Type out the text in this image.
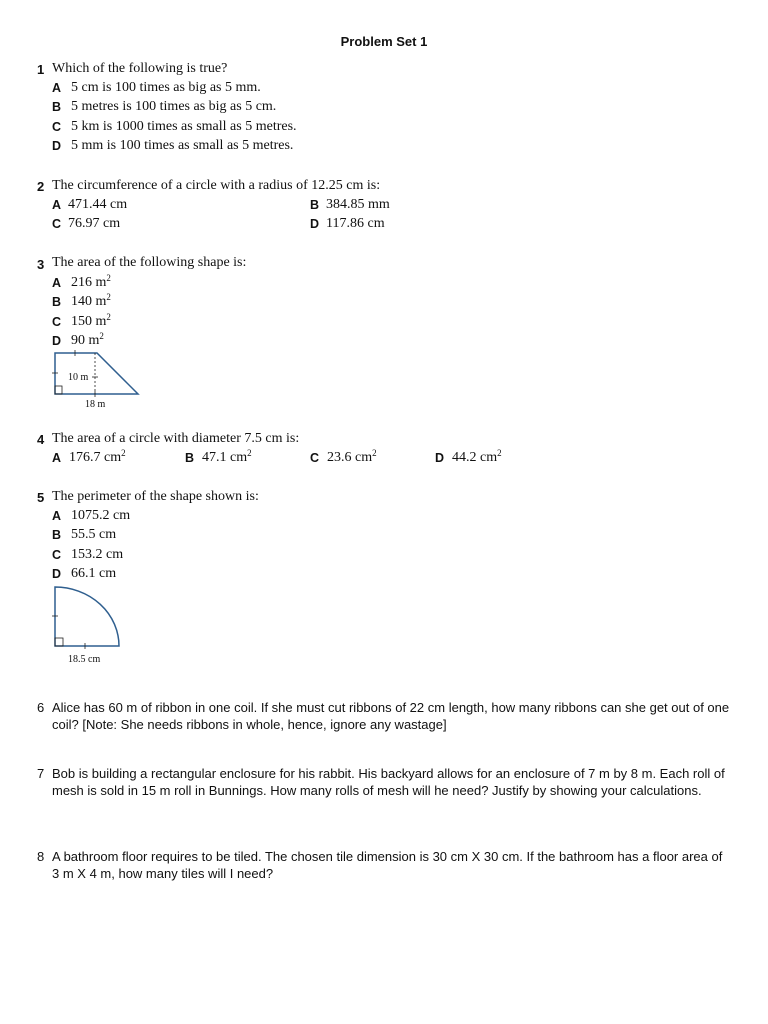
Problem Set 1
1 Which of the following is true?
A 5 cm is 100 times as big as 5 mm.
B 5 metres is 100 times as big as 5 cm.
C 5 km is 1000 times as small as 5 metres.
D 5 mm is 100 times as small as 5 metres.
2 The circumference of a circle with a radius of 12.25 cm is:
A 471.44 cm	B 384.85 mm
C 76.97 cm	D 117.86 cm
3 The area of the following shape is:
A 216 $m^2$
B 140 $m^2$
C 150 $m^2$
D 90 $m^2$
10 m
18 m
4 The area of a circle with diameter 7.5 cm is:
A 176.7 $cm^2$	B 47.1 $cm^2$	C 23.6 $cm^2$	D 44.2 $cm^2$
5 The perimeter of the shape shown is:
A 1075.2 cm
B 55.5 cm
C 153.2 cm
D 66.1 cm
18.5 cm
6 Alice has 60 m of ribbon in one coil. If she must cut ribbons of 22 cm length, how many ribbons can she get out of one coil? [Note: She needs ribbons in whole, hence, ignore any wastage]
7 Bob is building a rectangular enclosure for his rabbit. His backyard allows for an enclosure of 7 m by 8 m. Each roll of mesh is sold in 15 m roll in Bunnings. How many rolls of mesh will he need? Justify by showing your calculations.
8 A bathroom floor requires to be tiled. The chosen tile dimension is 30 cm X 30 cm. If the bathroom has a floor area of 3 m X 4 m, how many tiles will I need?
